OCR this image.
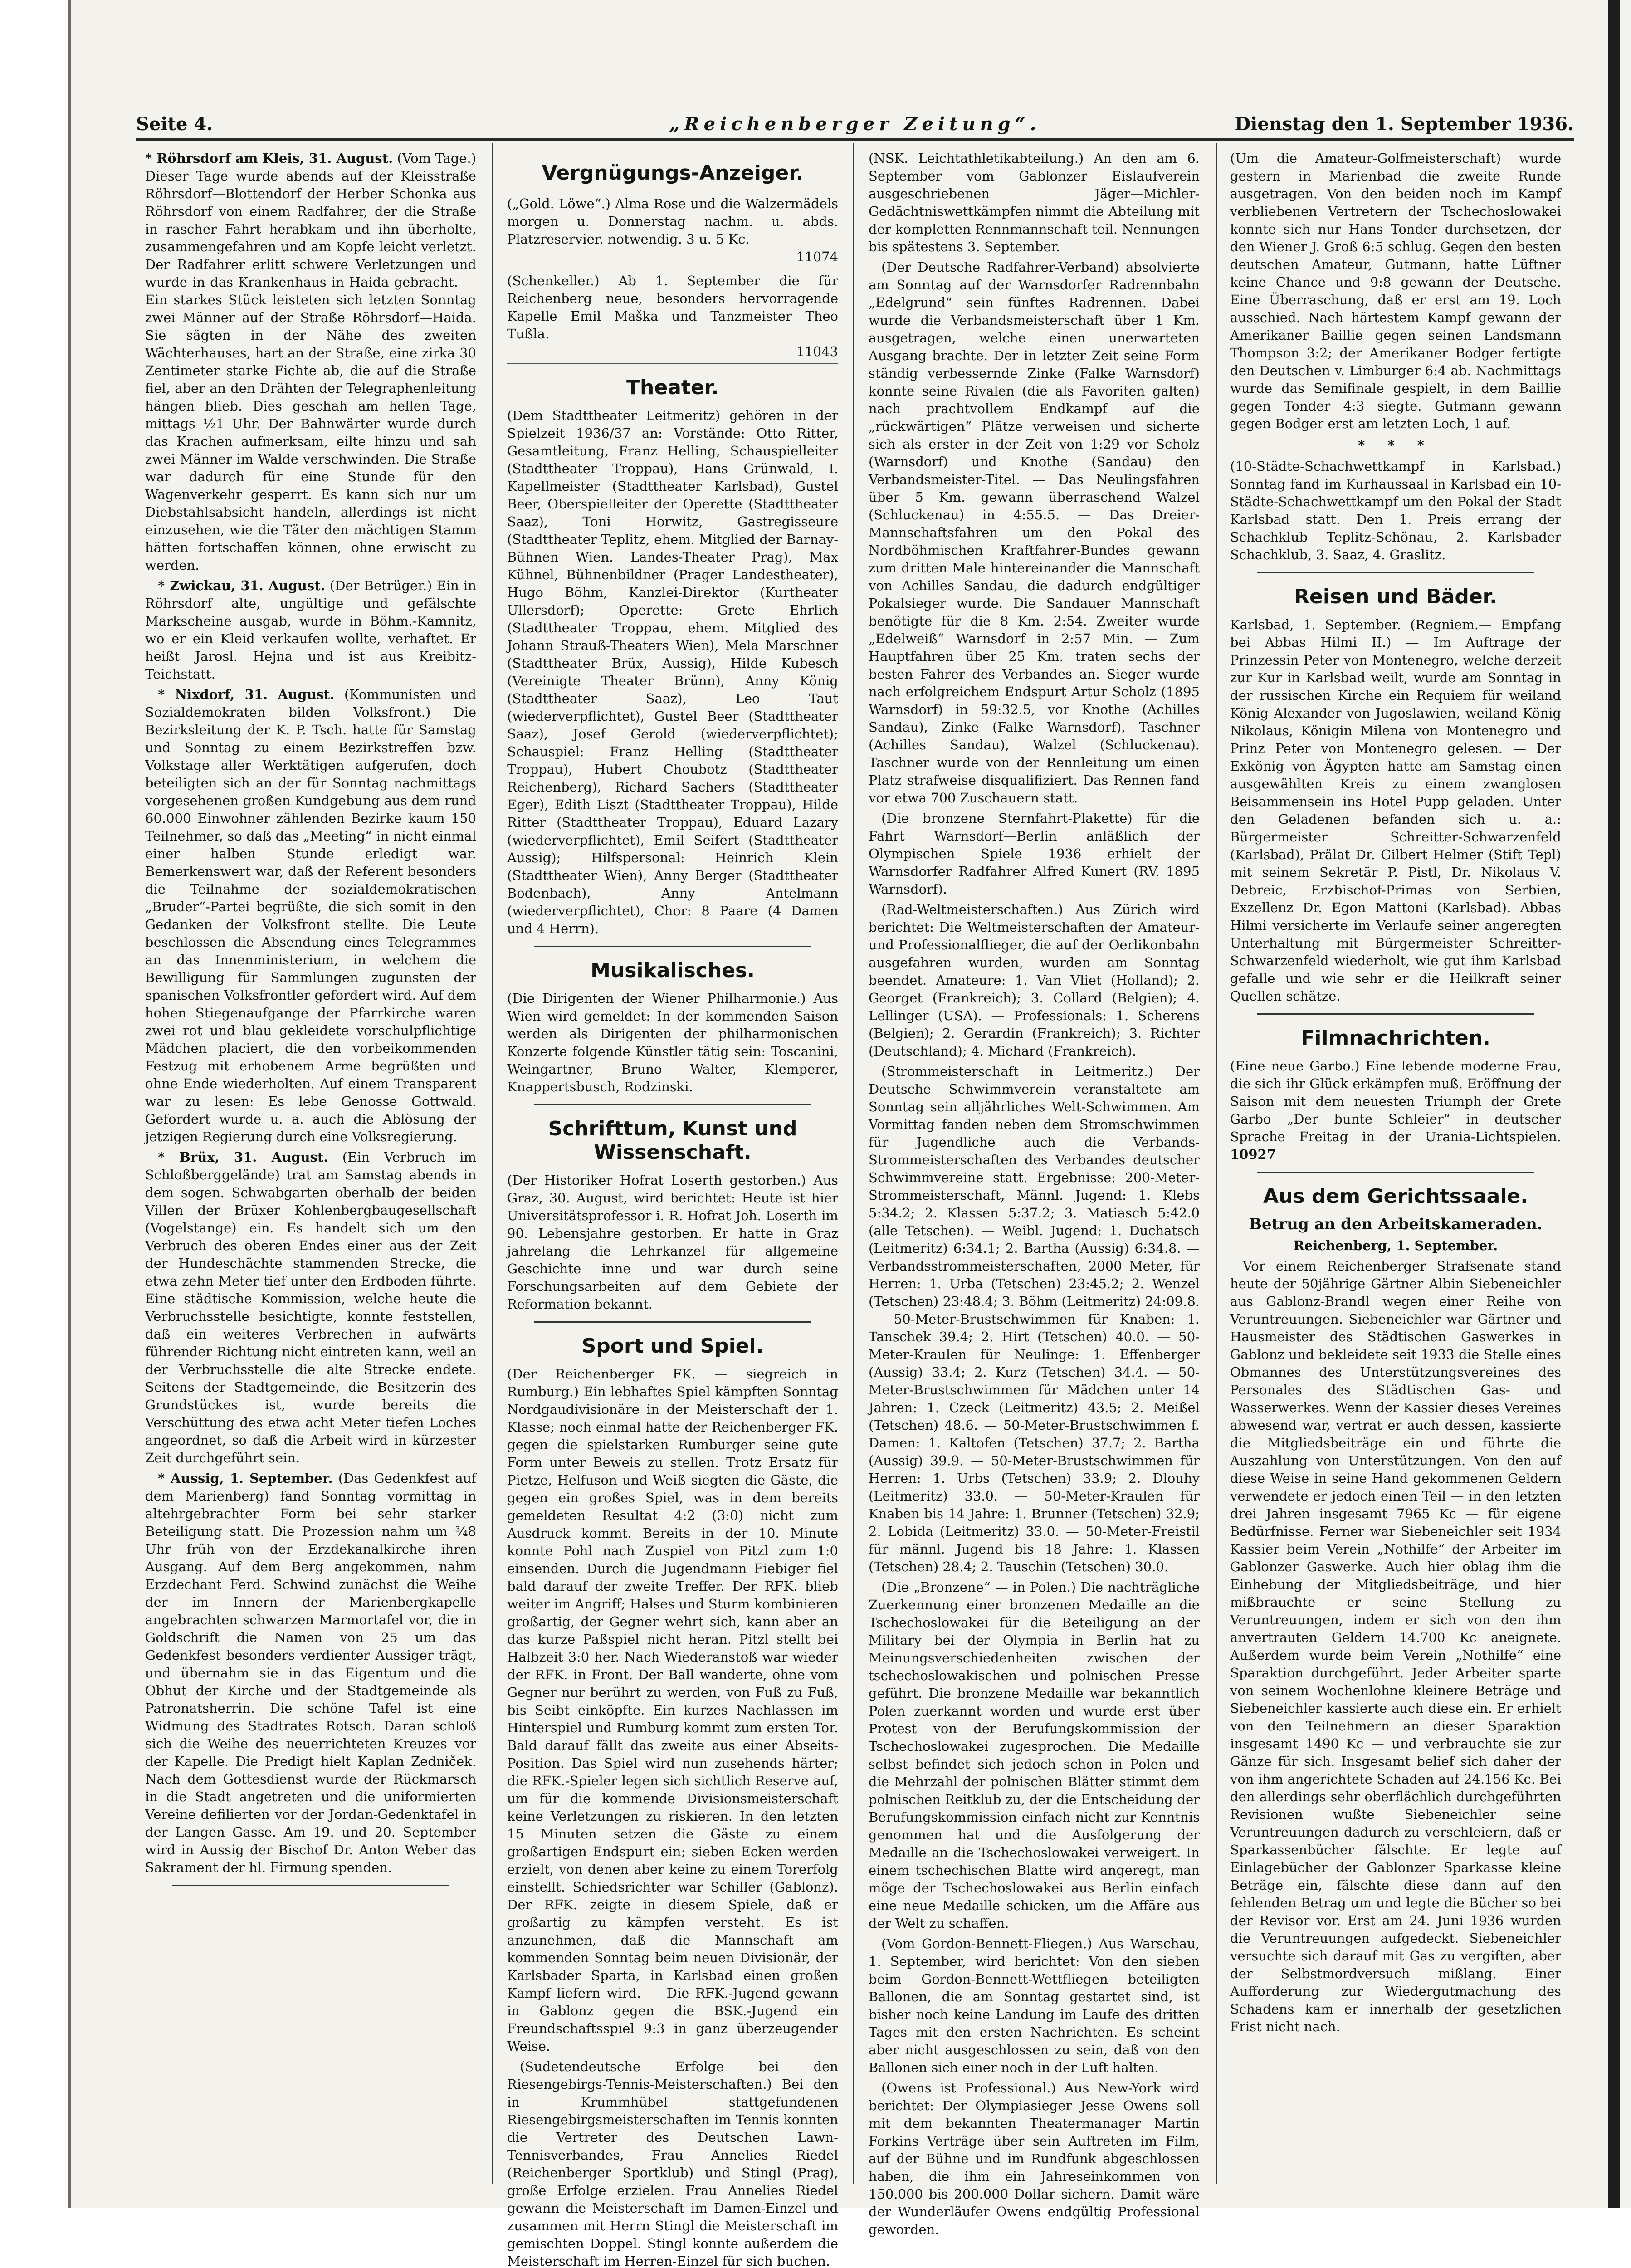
Seite 4.	„Reichenberger Zeitung“.	Dienstag den 1. September 1936.

* Röhrsdorf am Kleis, 31. August. (Vom Tage.) Dieser Tage wurde abends auf der Kleisstraße Röhrsdorf—Blottendorf der Herber Schonka aus Röhrsdorf von einem Radfahrer, der die Straße in rascher Fahrt herabkam und ihn überholte, zusammengefahren und am Kopfe leicht verletzt. Der Radfahrer erlitt schwere Verletzungen und wurde in das Krankenhaus in Haida gebracht. — Ein starkes Stück leisteten sich letzten Sonntag zwei Männer auf der Straße Röhrsdorf—Haida. Sie sägten in der Nähe des zweiten Wächterhauses, hart an der Straße, eine zirka 30 Zentimeter starke Fichte ab, die auf die Straße fiel, aber an den Drähten der Telegraphenleitung hängen blieb. Dies geschah am hellen Tage, mittags ½1 Uhr. Der Bahnwärter wurde durch das Krachen aufmerksam, eilte hinzu und sah zwei Männer im Walde verschwinden. Die Straße war dadurch für eine Stunde für den Wagenverkehr gesperrt. Es kann sich nur um Diebstahlsabsicht handeln, allerdings ist nicht einzusehen, wie die Täter den mächtigen Stamm hätten fortschaffen können, ohne erwischt zu werden.

* Zwickau, 31. August. (Der Betrüger.) Ein in Röhrsdorf alte, ungültige und gefälschte Markscheine ausgab, wurde in Böhm.-Kamnitz, wo er ein Kleid verkaufen wollte, verhaftet. Er heißt Jarosl. Hejna und ist aus Kreibitz-Teichstatt.

* Nixdorf, 31. August. (Kommunisten und Sozialdemokraten bilden Volksfront.) Die Bezirksleitung der K. P. Tsch. hatte für Samstag und Sonntag zu einem Bezirkstreffen bzw. Volkstage aller Werktätigen aufgerufen, doch beteiligten sich an der für Sonntag nachmittags vorgesehenen großen Kundgebung aus dem rund 60.000 Einwohner zählenden Bezirke kaum 150 Teilnehmer, so daß das „Meeting“ in nicht einmal einer halben Stunde erledigt war. Bemerkenswert war, daß der Referent besonders die Teilnahme der sozialdemokratischen „Bruder“-Partei begrüßte, die sich somit in den Gedanken der Volksfront stellte. Die Leute beschlossen die Absendung eines Telegrammes an das Innenministerium, in welchem die Bewilligung für Sammlungen zugunsten der spanischen Volksfrontler gefordert wird. Auf dem hohen Stiegenaufgange der Pfarrkirche waren zwei rot und blau gekleidete vorschulpflichtige Mädchen placiert, die den vorbeikommenden Festzug mit erhobenem Arme begrüßten und ohne Ende wiederholten. Auf einem Transparent war zu lesen: Es lebe Genosse Gottwald. Gefordert wurde u. a. auch die Ablösung der jetzigen Regierung durch eine Volksregierung.

* Brüx, 31. August. (Ein Verbruch im Schloßberggelände) trat am Samstag abends in dem sogen. Schwabgarten oberhalb der beiden Villen der Brüxer Kohlenbergbaugesellschaft (Vogelstange) ein. Es handelt sich um den Verbruch des oberen Endes einer aus der Zeit der Hundeschächte stammenden Strecke, die etwa zehn Meter tief unter den Erdboden führte. Eine städtische Kommission, welche heute die Verbruchsstelle besichtigte, konnte feststellen, daß ein weiteres Verbrechen in aufwärts führender Richtung nicht eintreten kann, weil an der Verbruchsstelle die alte Strecke endete. Seitens der Stadtgemeinde, die Besitzerin des Grundstückes ist, wurde bereits die Verschüttung des etwa acht Meter tiefen Loches angeordnet, so daß die Arbeit wird in kürzester Zeit durchgeführt sein.

* Aussig, 1. September. (Das Gedenkfest auf dem Marienberg) fand Sonntag vormittag in altehrgebrachter Form bei sehr starker Beteiligung statt. Die Prozession nahm um ¾8 Uhr früh von der Erzdekanalkirche ihren Ausgang. Auf dem Berg angekommen, nahm Erzdechant Ferd. Schwind zunächst die Weihe der im Innern der Marienbergkapelle angebrachten schwarzen Marmortafel vor, die in Goldschrift die Namen von 25 um das Gedenkfest besonders verdienter Aussiger trägt, und übernahm sie in das Eigentum und die Obhut der Kirche und der Stadtgemeinde als Patronatsherrin. Die schöne Tafel ist eine Widmung des Stadtrates Rotsch. Daran schloß sich die Weihe des neuerrichteten Kreuzes vor der Kapelle. Die Predigt hielt Kaplan Zedniček. Nach dem Gottesdienst wurde der Rückmarsch in die Stadt angetreten und die uniformierten Vereine defilierten vor der Jordan-Gedenktafel in der Langen Gasse. Am 19. und 20. September wird in Aussig der Bischof Dr. Anton Weber das Sakrament der hl. Firmung spenden.

Vergnügungs-Anzeiger.
(„Gold. Löwe“.) Alma Rose und die Walzermädels morgen u. Donnerstag nachm. u. abds. Platzreservier. notwendig. 3 u. 5 Kc.
11074
(Schenkeller.) Ab 1. September die für Reichenberg neue, besonders hervorragende Kapelle Emil Maška und Tanzmeister Theo Tußla.
11043
Theater.

(Dem Stadttheater Leitmeritz) gehören in der Spielzeit 1936/37 an: Vorstände: Otto Ritter, Gesamtleitung, Franz Helling, Schauspielleiter (Stadttheater Troppau), Hans Grünwald, I. Kapellmeister (Stadttheater Karlsbad), Gustel Beer, Oberspielleiter der Operette (Stadttheater Saaz), Toni Horwitz, Gastregisseure (Stadttheater Teplitz, ehem. Mitglied der Barnay-Bühnen Wien. Landes-Theater Prag), Max Kühnel, Bühnenbildner (Prager Landestheater), Hugo Böhm, Kanzlei-Direktor (Kurtheater Ullersdorf); Operette: Grete Ehrlich (Stadttheater Troppau, ehem. Mitglied des Johann Strauß-Theaters Wien), Mela Marschner (Stadttheater Brüx, Aussig), Hilde Kubesch (Vereinigte Theater Brünn), Anny König (Stadttheater Saaz), Leo Taut (wiederverpflichtet), Gustel Beer (Stadttheater Saaz), Josef Gerold (wiederverpflichtet); Schauspiel: Franz Helling (Stadttheater Troppau), Hubert Choubotz (Stadttheater Reichenberg), Richard Sachers (Stadttheater Eger), Edith Liszt (Stadttheater Troppau), Hilde Ritter (Stadttheater Troppau), Eduard Lazary (wiederverpflichtet), Emil Seifert (Stadttheater Aussig); Hilfspersonal: Heinrich Klein (Stadttheater Wien), Anny Berger (Stadttheater Bodenbach), Anny Antelmann (wiederverpflichtet), Chor: 8 Paare (4 Damen und 4 Herrn).

Musikalisches.

(Die Dirigenten der Wiener Philharmonie.) Aus Wien wird gemeldet: In der kommenden Saison werden als Dirigenten der philharmonischen Konzerte folgende Künstler tätig sein: Toscanini, Weingartner, Bruno Walter, Klemperer, Knappertsbusch, Rodzinski.

Schrifttum, Kunst und Wissenschaft.

(Der Historiker Hofrat Loserth gestorben.) Aus Graz, 30. August, wird berichtet: Heute ist hier Universitätsprofessor i. R. Hofrat Joh. Loserth im 90. Lebensjahre gestorben. Er hatte in Graz jahrelang die Lehrkanzel für allgemeine Geschichte inne und war durch seine Forschungsarbeiten auf dem Gebiete der Reformation bekannt.

Sport und Spiel.

(Der Reichenberger FK. — siegreich in Rumburg.) Ein lebhaftes Spiel kämpften Sonntag Nordgaudivisionäre in der Meisterschaft der 1. Klasse; noch einmal hatte der Reichenberger FK. gegen die spielstarken Rumburger seine gute Form unter Beweis zu stellen. Trotz Ersatz für Pietze, Helfuson und Weiß siegten die Gäste, die gegen ein großes Spiel, was in dem bereits gemeldeten Resultat 4:2 (3:0) nicht zum Ausdruck kommt. Bereits in der 10. Minute konnte Pohl nach Zuspiel von Pitzl zum 1:0 einsenden. Durch die Jugendmann Fiebiger fiel bald darauf der zweite Treffer. Der RFK. blieb weiter im Angriff; Halses und Sturm kombinieren großartig, der Gegner wehrt sich, kann aber an das kurze Paßspiel nicht heran. Pitzl stellt bei Halbzeit 3:0 her. Nach Wiederanstoß war wieder der RFK. in Front. Der Ball wanderte, ohne vom Gegner nur berührt zu werden, von Fuß zu Fuß, bis Seibt einköpfte. Ein kurzes Nachlassen im Hinterspiel und Rumburg kommt zum ersten Tor. Bald darauf fällt das zweite aus einer Abseits-Position. Das Spiel wird nun zusehends härter; die RFK.-Spieler legen sich sichtlich Reserve auf, um für die kommende Divisionsmeisterschaft keine Verletzungen zu riskieren. In den letzten 15 Minuten setzen die Gäste zu einem großartigen Endspurt ein; sieben Ecken werden erzielt, von denen aber keine zu einem Torerfolg einstellt. Schiedsrichter war Schiller (Gablonz). Der RFK. zeigte in diesem Spiele, daß er großartig zu kämpfen versteht. Es ist anzunehmen, daß die Mannschaft am kommenden Sonntag beim neuen Divisionär, der Karlsbader Sparta, in Karlsbad einen großen Kampf liefern wird. — Die RFK.-Jugend gewann in Gablonz gegen die BSK.-Jugend ein Freundschaftsspiel 9:3 in ganz überzeugender Weise.

(Sudetendeutsche Erfolge bei den Riesengebirgs-Tennis-Meisterschaften.) Bei den in Krummhübel stattgefundenen Riesengebirgsmeisterschaften im Tennis konnten die Vertreter des Deutschen Lawn-Tennisverbandes, Frau Annelies Riedel (Reichenberger Sportklub) und Stingl (Prag), große Erfolge erzielen. Frau Annelies Riedel gewann die Meisterschaft im Damen-Einzel und zusammen mit Herrn Stingl die Meisterschaft im gemischten Doppel. Stingl konnte außerdem die Meisterschaft im Herren-Einzel für sich buchen.

(NSK. Leichtathletikabteilung.) An den am 6. September vom Gablonzer Eislaufverein ausgeschriebenen Jäger—Michler-Gedächtniswettkämpfen nimmt die Abteilung mit der kompletten Rennmannschaft teil. Nennungen bis spätestens 3. September.

(Der Deutsche Radfahrer-Verband) absolvierte am Sonntag auf der Warnsdorfer Radrennbahn „Edelgrund“ sein fünftes Radrennen. Dabei wurde die Verbandsmeisterschaft über 1 Km. ausgetragen, welche einen unerwarteten Ausgang brachte. Der in letzter Zeit seine Form ständig verbessernde Zinke (Falke Warnsdorf) konnte seine Rivalen (die als Favoriten galten) nach prachtvollem Endkampf auf die „rückwärtigen“ Plätze verweisen und sicherte sich als erster in der Zeit von 1:29 vor Scholz (Warnsdorf) und Knothe (Sandau) den Verbandsmeister-Titel. — Das Neulingsfahren über 5 Km. gewann überraschend Walzel (Schluckenau) in 4:55.5. — Das Dreier-Mannschaftsfahren um den Pokal des Nordböhmischen Kraftfahrer-Bundes gewann zum dritten Male hintereinander die Mannschaft von Achilles Sandau, die dadurch endgültiger Pokalsieger wurde. Die Sandauer Mannschaft benötigte für die 8 Km. 2:54. Zweiter wurde „Edelweiß“ Warnsdorf in 2:57 Min. — Zum Hauptfahren über 25 Km. traten sechs der besten Fahrer des Verbandes an. Sieger wurde nach erfolgreichem Endspurt Artur Scholz (1895 Warnsdorf) in 59:32.5, vor Knothe (Achilles Sandau), Zinke (Falke Warnsdorf), Taschner (Achilles Sandau), Walzel (Schluckenau). Taschner wurde von der Rennleitung um einen Platz strafweise disqualifiziert. Das Rennen fand vor etwa 700 Zuschauern statt.

(Die bronzene Sternfahrt-Plakette) für die Fahrt Warnsdorf—Berlin anläßlich der Olympischen Spiele 1936 erhielt der Warnsdorfer Radfahrer Alfred Kunert (RV. 1895 Warnsdorf).

(Rad-Weltmeisterschaften.) Aus Zürich wird berichtet: Die Weltmeisterschaften der Amateur- und Professionalflieger, die auf der Oerlikonbahn ausgefahren wurden, wurden am Sonntag beendet. Amateure: 1. Van Vliet (Holland); 2. Georget (Frankreich); 3. Collard (Belgien); 4. Lellinger (USA). — Professionals: 1. Scherens (Belgien); 2. Gerardin (Frankreich); 3. Richter (Deutschland); 4. Michard (Frankreich).

(Strommeisterschaft in Leitmeritz.) Der Deutsche Schwimmverein veranstaltete am Sonntag sein alljährliches Welt-Schwimmen. Am Vormittag fanden neben dem Stromschwimmen für Jugendliche auch die Verbands-Strommeisterschaften des Verbandes deutscher Schwimmvereine statt. Ergebnisse: 200-Meter-Strommeisterschaft, Männl. Jugend: 1. Klebs 5:34.2; 2. Klassen 5:37.2; 3. Matiasch 5:42.0 (alle Tetschen). — Weibl. Jugend: 1. Duchatsch (Leitmeritz) 6:34.1; 2. Bartha (Aussig) 6:34.8. — Verbandsstrommeisterschaften, 2000 Meter, für Herren: 1. Urba (Tetschen) 23:45.2; 2. Wenzel (Tetschen) 23:48.4; 3. Böhm (Leitmeritz) 24:09.8. — 50-Meter-Brustschwimmen für Knaben: 1. Tanschek 39.4; 2. Hirt (Tetschen) 40.0. — 50-Meter-Kraulen für Neulinge: 1. Effenberger (Aussig) 33.4; 2. Kurz (Tetschen) 34.4. — 50-Meter-Brustschwimmen für Mädchen unter 14 Jahren: 1. Czeck (Leitmeritz) 43.5; 2. Meißel (Tetschen) 48.6. — 50-Meter-Brustschwimmen f. Damen: 1. Kaltofen (Tetschen) 37.7; 2. Bartha (Aussig) 39.9. — 50-Meter-Brustschwimmen für Herren: 1. Urbs (Tetschen) 33.9; 2. Dlouhy (Leitmeritz) 33.0. — 50-Meter-Kraulen für Knaben bis 14 Jahre: 1. Brunner (Tetschen) 32.9; 2. Lobida (Leitmeritz) 33.0. — 50-Meter-Freistil für männl. Jugend bis 18 Jahre: 1. Klassen (Tetschen) 28.4; 2. Tauschin (Tetschen) 30.0.

(Die „Bronzene“ — in Polen.) Die nachträgliche Zuerkennung einer bronzenen Medaille an die Tschechoslowakei für die Beteiligung an der Military bei der Olympia in Berlin hat zu Meinungsverschiedenheiten zwischen der tschechoslowakischen und polnischen Presse geführt. Die bronzene Medaille war bekanntlich Polen zuerkannt worden und wurde erst über Protest von der Berufungskommission der Tschechoslowakei zugesprochen. Die Medaille selbst befindet sich jedoch schon in Polen und die Mehrzahl der polnischen Blätter stimmt dem polnischen Reitklub zu, der die Entscheidung der Berufungskommission einfach nicht zur Kenntnis genommen hat und die Ausfolgerung der Medaille an die Tschechoslowakei verweigert. In einem tschechischen Blatte wird angeregt, man möge der Tschechoslowakei aus Berlin einfach eine neue Medaille schicken, um die Affäre aus der Welt zu schaffen.

(Vom Gordon-Bennett-Fliegen.) Aus Warschau, 1. September, wird berichtet: Von den sieben beim Gordon-Bennett-Wettfliegen beteiligten Ballonen, die am Sonntag gestartet sind, ist bisher noch keine Landung im Laufe des dritten Tages mit den ersten Nachrichten. Es scheint aber nicht ausgeschlossen zu sein, daß von den Ballonen sich einer noch in der Luft halten.

(Owens ist Professional.) Aus New-York wird berichtet: Der Olympiasieger Jesse Owens soll mit dem bekannten Theatermanager Martin Forkins Verträge über sein Auftreten im Film, auf der Bühne und im Rundfunk abgeschlossen haben, die ihm ein Jahreseinkommen von 150.000 bis 200.000 Dollar sichern. Damit wäre der Wunderläufer Owens endgültig Professional geworden.

(Um die Amateur-Golfmeisterschaft) wurde gestern in Marienbad die zweite Runde ausgetragen. Von den beiden noch im Kampf verbliebenen Vertretern der Tschechoslowakei konnte sich nur Hans Tonder durchsetzen, der den Wiener J. Groß 6:5 schlug. Gegen den besten deutschen Amateur, Gutmann, hatte Lüftner keine Chance und 9:8 gewann der Deutsche. Eine Überraschung, daß er erst am 19. Loch ausschied. Nach härtestem Kampf gewann der Amerikaner Baillie gegen seinen Landsmann Thompson 3:2; der Amerikaner Bodger fertigte den Deutschen v. Limburger 6:4 ab. Nachmittags wurde das Semifinale gespielt, in dem Baillie gegen Tonder 4:3 siegte. Gutmann gewann gegen Bodger erst am letzten Loch, 1 auf.

* * *

(10-Städte-Schachwettkampf in Karlsbad.) Sonntag fand im Kurhaussaal in Karlsbad ein 10-Städte-Schachwettkampf um den Pokal der Stadt Karlsbad statt. Den 1. Preis errang der Schachklub Teplitz-Schönau, 2. Karlsbader Schachklub, 3. Saaz, 4. Graslitz.

Reisen und Bäder.

Karlsbad, 1. September. (Regniem.— Empfang bei Abbas Hilmi II.) — Im Auftrage der Prinzessin Peter von Montenegro, welche derzeit zur Kur in Karlsbad weilt, wurde am Sonntag in der russischen Kirche ein Requiem für weiland König Alexander von Jugoslawien, weiland König Nikolaus, Königin Milena von Montenegro und Prinz Peter von Montenegro gelesen. — Der Exkönig von Ägypten hatte am Samstag einen ausgewählten Kreis zu einem zwanglosen Beisammensein ins Hotel Pupp geladen. Unter den Geladenen befanden sich u. a.: Bürgermeister Schreitter-Schwarzenfeld (Karlsbad), Prälat Dr. Gilbert Helmer (Stift Tepl) mit seinem Sekretär P. Pistl, Dr. Nikolaus V. Debreic, Erzbischof-Primas von Serbien, Exzellenz Dr. Egon Mattoni (Karlsbad). Abbas Hilmi versicherte im Verlaufe seiner angeregten Unterhaltung mit Bürgermeister Schreitter-Schwarzenfeld wiederholt, wie gut ihm Karlsbad gefalle und wie sehr er die Heilkraft seiner Quellen schätze.

Filmnachrichten.

(Eine neue Garbo.) Eine lebende moderne Frau, die sich ihr Glück erkämpfen muß. Eröffnung der Saison mit dem neuesten Triumph der Grete Garbo „Der bunte Schleier“ in deutscher Sprache Freitag in der Urania-Lichtspielen. 10927

Aus dem Gerichtssaale.
Betrug an den Arbeitskameraden.

Reichenberg, 1. September.

Vor einem Reichenberger Strafsenate stand heute der 50jährige Gärtner Albin Siebeneichler aus Gablonz-Brandl wegen einer Reihe von Veruntreuungen. Siebeneichler war Gärtner und Hausmeister des Städtischen Gaswerkes in Gablonz und bekleidete seit 1933 die Stelle eines Obmannes des Unterstützungsvereines des Personales des Städtischen Gas- und Wasserwerkes. Wenn der Kassier dieses Vereines abwesend war, vertrat er auch dessen, kassierte die Mitgliedsbeiträge ein und führte die Auszahlung von Unterstützungen. Von den auf diese Weise in seine Hand gekommenen Geldern verwendete er jedoch einen Teil — in den letzten drei Jahren insgesamt 7965 Kc — für eigene Bedürfnisse. Ferner war Siebeneichler seit 1934 Kassier beim Verein „Nothilfe“ der Arbeiter im Gablonzer Gaswerke. Auch hier oblag ihm die Einhebung der Mitgliedsbeiträge, und hier mißbrauchte er seine Stellung zu Veruntreuungen, indem er sich von den ihm anvertrauten Geldern 14.700 Kc aneignete. Außerdem wurde beim Verein „Nothilfe“ eine Sparaktion durchgeführt. Jeder Arbeiter sparte von seinem Wochenlohne kleinere Beträge und Siebeneichler kassierte auch diese ein. Er erhielt von den Teilnehmern an dieser Sparaktion insgesamt 1490 Kc — und verbrauchte sie zur Gänze für sich. Insgesamt belief sich daher der von ihm angerichtete Schaden auf 24.156 Kc. Bei den allerdings sehr oberflächlich durchgeführten Revisionen wußte Siebeneichler seine Veruntreuungen dadurch zu verschleiern, daß er Sparkassenbücher fälschte. Er legte auf Einlagebücher der Gablonzer Sparkasse kleine Beträge ein, fälschte diese dann auf den fehlenden Betrag um und legte die Bücher so bei der Revisor vor. Erst am 24. Juni 1936 wurden die Veruntreuungen aufgedeckt. Siebeneichler versuchte sich darauf mit Gas zu vergiften, aber der Selbstmordversuch mißlang. Einer Aufforderung zur Wiedergutmachung des Schadens kam er innerhalb der gesetzlichen Frist nicht nach.
